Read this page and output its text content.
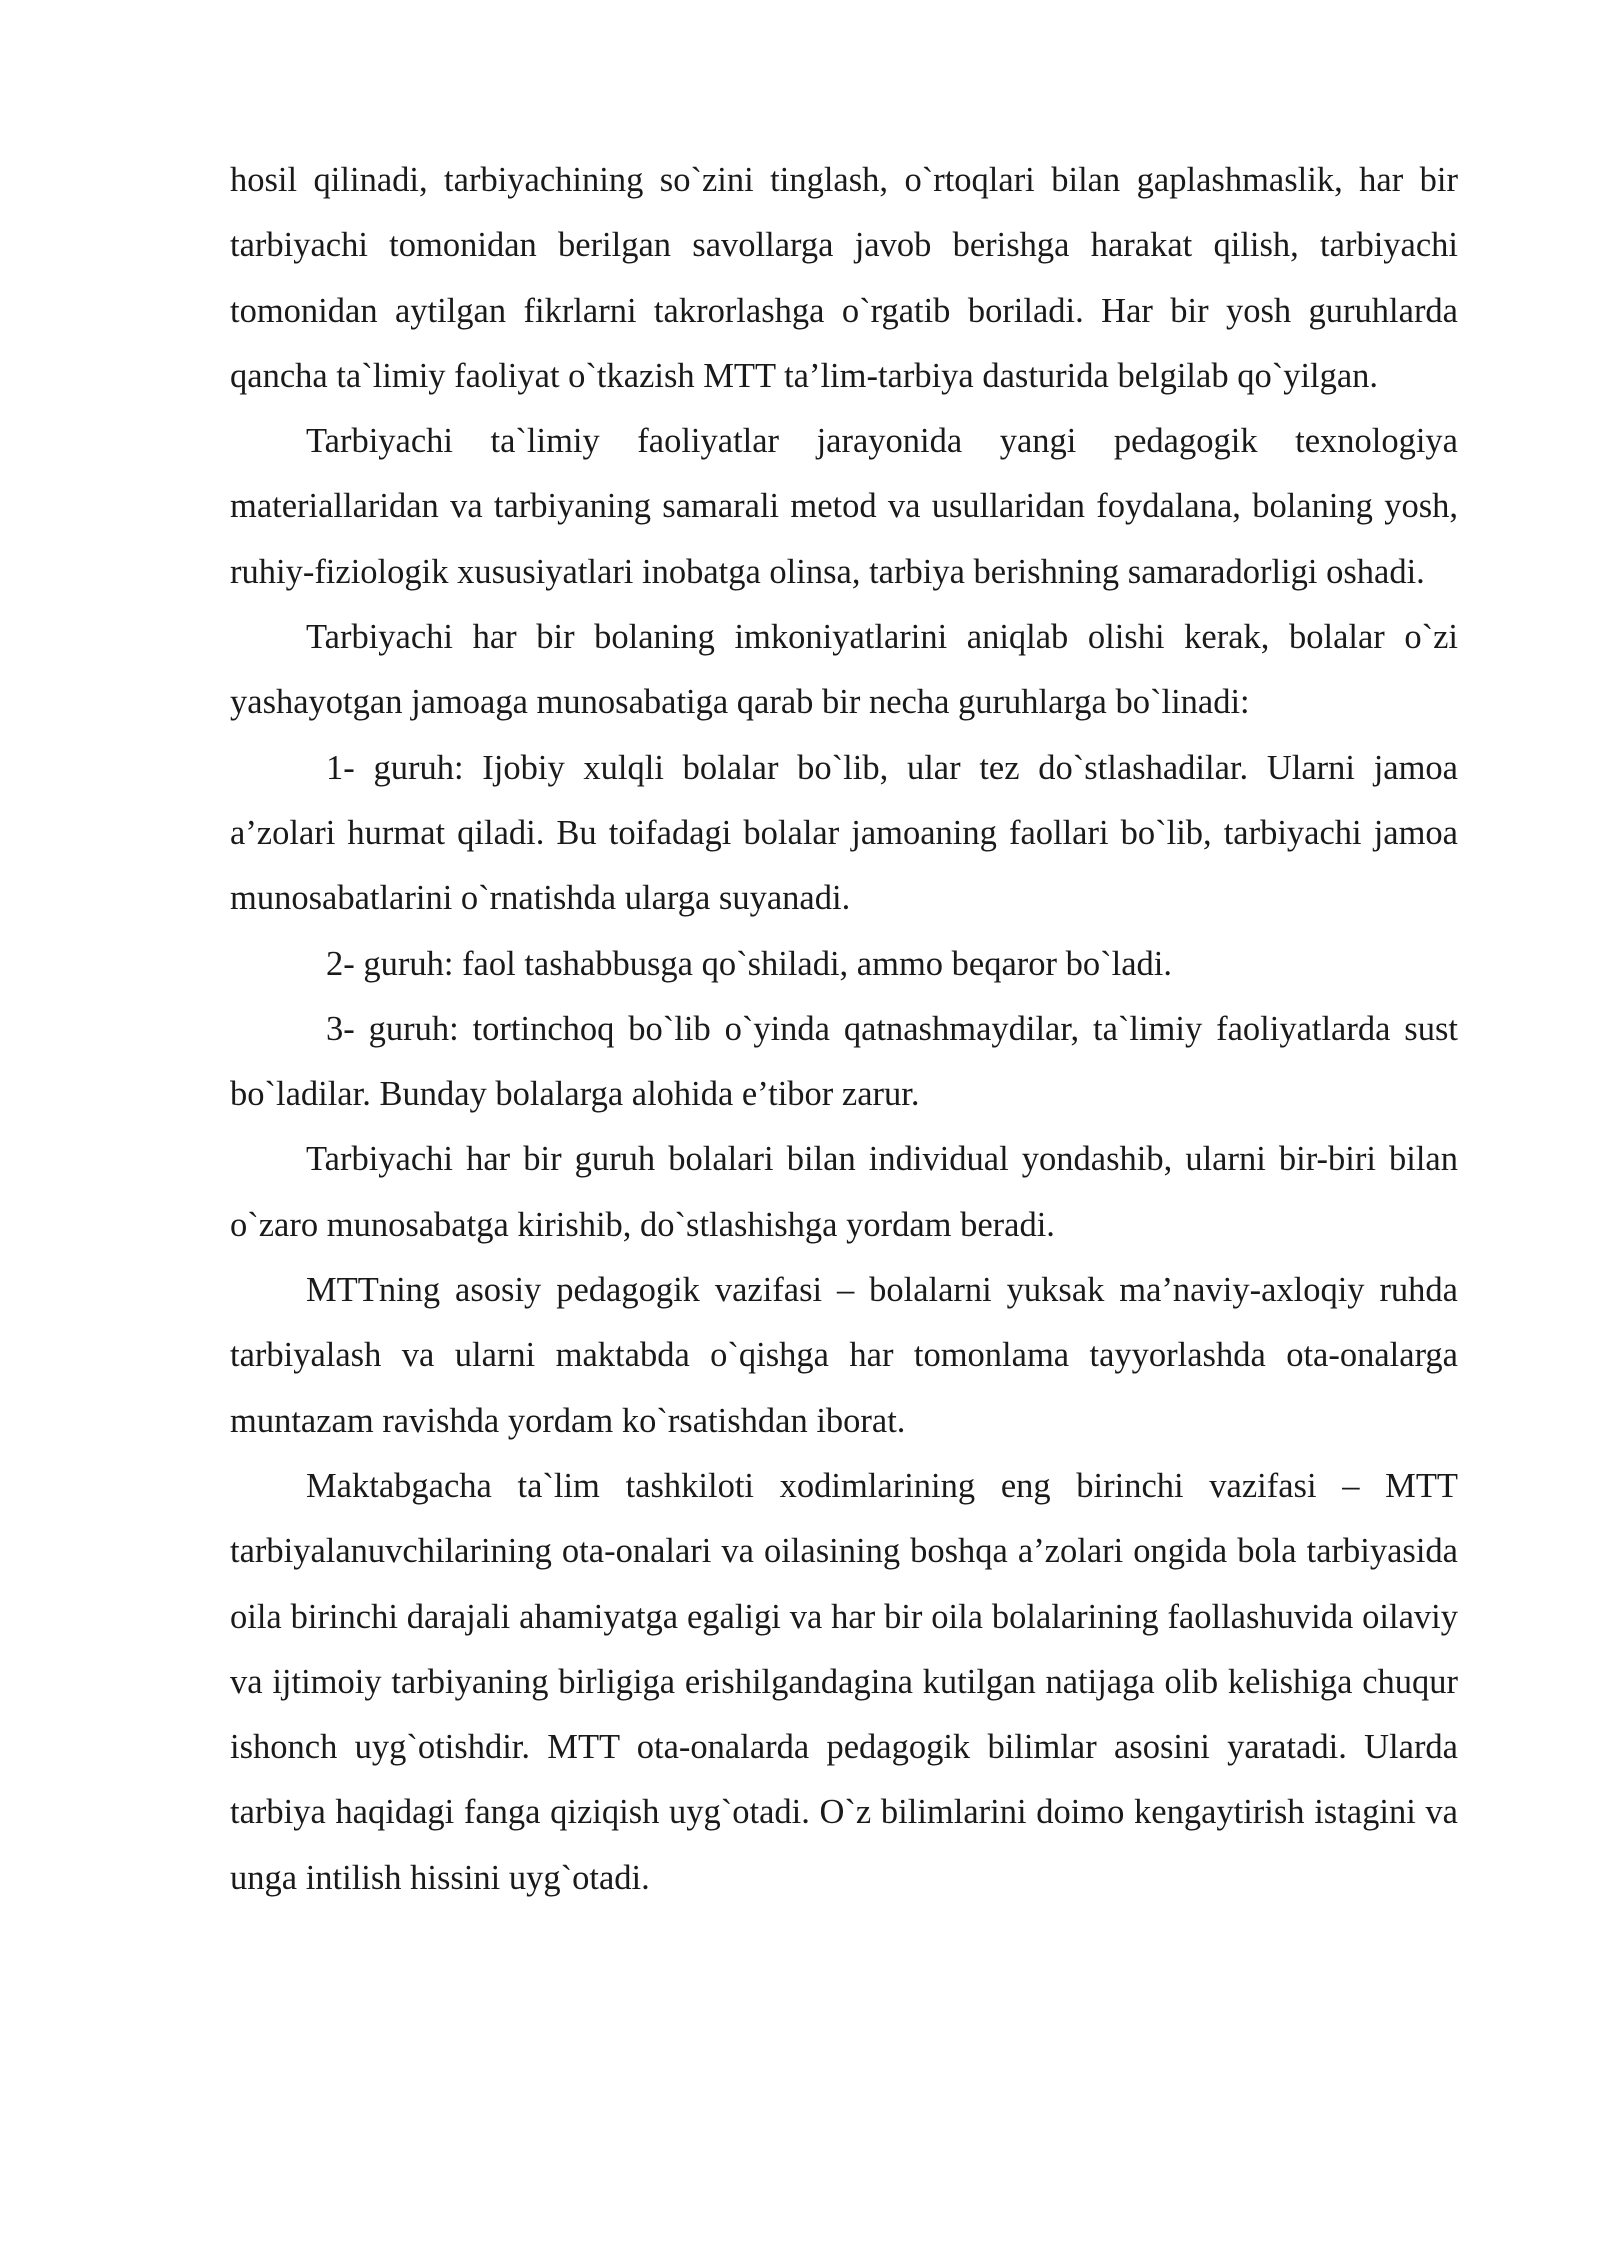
hosil qilinadi, tarbiyachining so`zini tinglash, o`rtoqlari bilan gaplashmaslik, har bir tarbiyachi tomonidan berilgan savollarga javob berishga harakat qilish, tarbiyachi tomonidan aytilgan fikrlarni takrorlashga o`rgatib boriladi. Har bir yosh guruhlarda qancha ta`limiy faoliyat o`tkazish MTT ta’lim-tarbiya dasturida belgilab qo`yilgan.

Tarbiyachi ta`limiy faoliyatlar jarayonida yangi pedagogik texnologiya materiallaridan va tarbiyaning samarali metod va usullaridan foydalana, bolaning yosh, ruhiy-fiziologik xususiyatlari inobatga olinsa, tarbiya berishning samaradorligi oshadi.

Tarbiyachi har bir bolaning imkoniyatlarini aniqlab olishi kerak, bolalar o`zi yashayotgan jamoaga munosabatiga qarab bir necha guruhlarga bo`linadi:

1- guruh: Ijobiy xulqli bolalar bo`lib, ular tez do`stlashadilar. Ularni jamoa a’zolari hurmat qiladi. Bu toifadagi bolalar jamoaning faollari bo`lib, tarbiyachi jamoa munosabatlarini o`rnatishda ularga suyanadi.

2- guruh: faol tashabbusga qo`shiladi, ammo beqaror bo`ladi.

3- guruh: tortinchoq bo`lib o`yinda qatnashmaydilar, ta`limiy faoliyatlarda sust bo`ladilar. Bunday bolalarga alohida e’tibor zarur.

Tarbiyachi har bir guruh bolalari bilan individual yondashib, ularni bir-biri bilan o`zaro munosabatga kirishib, do`stlashishga yordam beradi.

MTTning asosiy pedagogik vazifasi – bolalarni yuksak ma’naviy-axloqiy ruhda tarbiyalash va ularni maktabda o`qishga har tomonlama tayyorlashda ota-onalarga muntazam ravishda yordam ko`rsatishdan iborat.

Maktabgacha ta`lim tashkiloti xodimlarining eng birinchi vazifasi – MTT tarbiyalanuvchilarining ota-onalari va oilasining boshqa a’zolari ongida bola tarbiyasida oila birinchi darajali ahamiyatga egaligi va har bir oila bolalarining faollashuvida oilaviy va ijtimoiy tarbiyaning birligiga erishilgandagina kutilgan natijaga olib kelishiga chuqur ishonch uyg`otishdir. MTT ota-onalarda pedagogik bilimlar asosini yaratadi. Ularda tarbiya haqidagi fanga qiziqish uyg`otadi. O`z bilimlarini doimo kengaytirish istagini va unga intilish hissini uyg`otadi.
